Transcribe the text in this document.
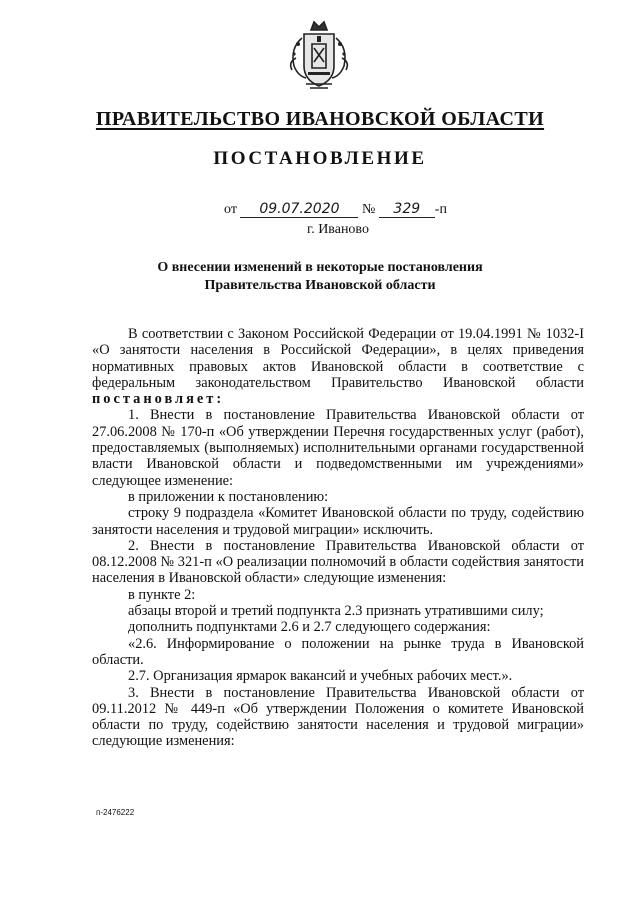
ПРАВИТЕЛЬСТВО ИВАНОВСКОЙ ОБЛАСТИ
ПОСТАНОВЛЕНИЕ
от 09.07.2020 № 329 -п
г. Иваново
О внесении изменений в некоторые постановления
Правительства Ивановской области

В соответствии с Законом Российской Федерации от 19.04.1991 № 1032-I «О занятости населения в Российской Федерации», в целях приведения нормативных правовых актов Ивановской области в соответствие с федеральным законодательством Правительство Ивановской области постановляет:

1. Внести в постановление Правительства Ивановской области от 27.06.2008 № 170-п «Об утверждении Перечня государственных услуг (работ), предоставляемых (выполняемых) исполнительными органами государственной власти Ивановской области и подведомственными им учреждениями» следующее изменение:

в приложении к постановлению:

строку 9 подраздела «Комитет Ивановской области по труду, содействию занятости населения и трудовой миграции» исключить.

2. Внести в постановление Правительства Ивановской области от 08.12.2008 № 321-п «О реализации полномочий в области содействия занятости населения в Ивановской области» следующие изменения:

в пункте 2:

абзацы второй и третий подпункта 2.3 признать утратившими силу;

дополнить подпунктами 2.6 и 2.7 следующего содержания:

«2.6. Информирование о положении на рынке труда в Ивановской области.

2.7. Организация ярмарок вакансий и учебных рабочих мест.».

3. Внести в постановление Правительства Ивановской области от 09.11.2012 № 449-п «Об утверждении Положения о комитете Ивановской области по труду, содействию занятости населения и трудовой миграции» следующие изменения:

п-2476222
